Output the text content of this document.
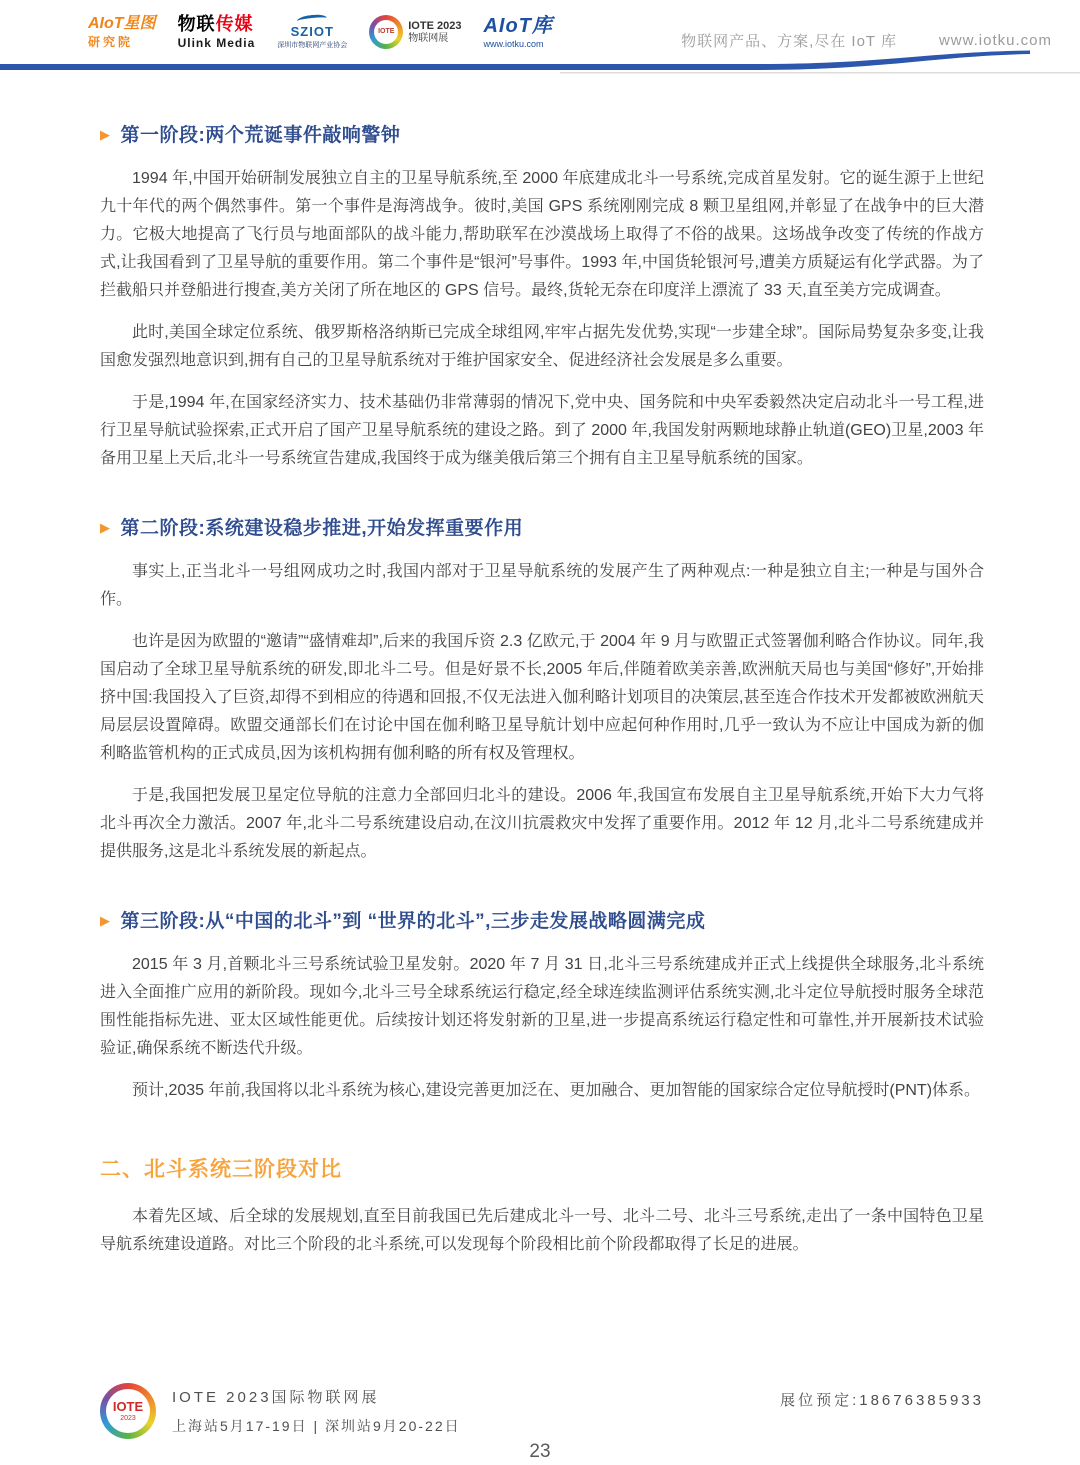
AIoT星图
研究院
物联传媒
Ulink Media
SZIOT
深圳市物联网产业协会
IOTE
IOTE 2023
物联网展
AIoT库
www.iotku.com	物联网产品、方案,尽在 IoT 库	www.iotku.com
▶ 第一阶段:两个荒诞事件敲响警钟

1994 年,中国开始研制发展独立自主的卫星导航系统,至 2000 年底建成北斗一号系统,完成首星发射。它的诞生源于上世纪九十年代的两个偶然事件。第一个事件是海湾战争。彼时,美国 GPS 系统刚刚完成 8 颗卫星组网,并彰显了在战争中的巨大潜力。它极大地提高了飞行员与地面部队的战斗能力,帮助联军在沙漠战场上取得了不俗的战果。这场战争改变了传统的作战方式,让我国看到了卫星导航的重要作用。第二个事件是“银河”号事件。1993 年,中国货轮银河号,遭美方质疑运有化学武器。为了拦截船只并登船进行搜查,美方关闭了所在地区的 GPS 信号。最终,货轮无奈在印度洋上漂流了 33 天,直至美方完成调查。

此时,美国全球定位系统、俄罗斯格洛纳斯已完成全球组网,牢牢占据先发优势,实现“一步建全球”。国际局势复杂多变,让我国愈发强烈地意识到,拥有自己的卫星导航系统对于维护国家安全、促进经济社会发展是多么重要。

于是,1994 年,在国家经济实力、技术基础仍非常薄弱的情况下,党中央、国务院和中央军委毅然决定启动北斗一号工程,进行卫星导航试验探索,正式开启了国产卫星导航系统的建设之路。到了 2000 年,我国发射两颗地球静止轨道(GEO)卫星,2003 年备用卫星上天后,北斗一号系统宣告建成,我国终于成为继美俄后第三个拥有自主卫星导航系统的国家。

▶ 第二阶段:系统建设稳步推进,开始发挥重要作用

事实上,正当北斗一号组网成功之时,我国内部对于卫星导航系统的发展产生了两种观点:一种是独立自主;一种是与国外合作。

也许是因为欧盟的“邀请”“盛情难却”,后来的我国斥资 2.3 亿欧元,于 2004 年 9 月与欧盟正式签署伽利略合作协议。同年,我国启动了全球卫星导航系统的研发,即北斗二号。但是好景不长,2005 年后,伴随着欧美亲善,欧洲航天局也与美国“修好”,开始排挤中国:我国投入了巨资,却得不到相应的待遇和回报,不仅无法进入伽利略计划项目的决策层,甚至连合作技术开发都被欧洲航天局层层设置障碍。欧盟交通部长们在讨论中国在伽利略卫星导航计划中应起何种作用时,几乎一致认为不应让中国成为新的伽利略监管机构的正式成员,因为该机构拥有伽利略的所有权及管理权。

于是,我国把发展卫星定位导航的注意力全部回归北斗的建设。2006 年,我国宣布发展自主卫星导航系统,开始下大力气将北斗再次全力激活。2007 年,北斗二号系统建设启动,在汶川抗震救灾中发挥了重要作用。2012 年 12 月,北斗二号系统建成并提供服务,这是北斗系统发展的新起点。

▶ 第三阶段:从“中国的北斗”到 “世界的北斗”,三步走发展战略圆满完成

2015 年 3 月,首颗北斗三号系统试验卫星发射。2020 年 7 月 31 日,北斗三号系统建成并正式上线提供全球服务,北斗系统进入全面推广应用的新阶段。现如今,北斗三号全球系统运行稳定,经全球连续监测评估系统实测,北斗定位导航授时服务全球范围性能指标先进、亚太区域性能更优。后续按计划还将发射新的卫星,进一步提高系统运行稳定性和可靠性,并开展新技术试验验证,确保系统不断迭代升级。

预计,2035 年前,我国将以北斗系统为核心,建设完善更加泛在、更加融合、更加智能的国家综合定位导航授时(PNT)体系。

二、北斗系统三阶段对比

本着先区域、后全球的发展规划,直至目前我国已先后建成北斗一号、北斗二号、北斗三号系统,走出了一条中国特色卫星导航系统建设道路。对比三个阶段的北斗系统,可以发现每个阶段相比前个阶段都取得了长足的进展。

IOTE
2023
IOTE 2023国际物联网展
上海站5月17-19日 | 深圳站9月20-22日
展位预定:18676385933
23
